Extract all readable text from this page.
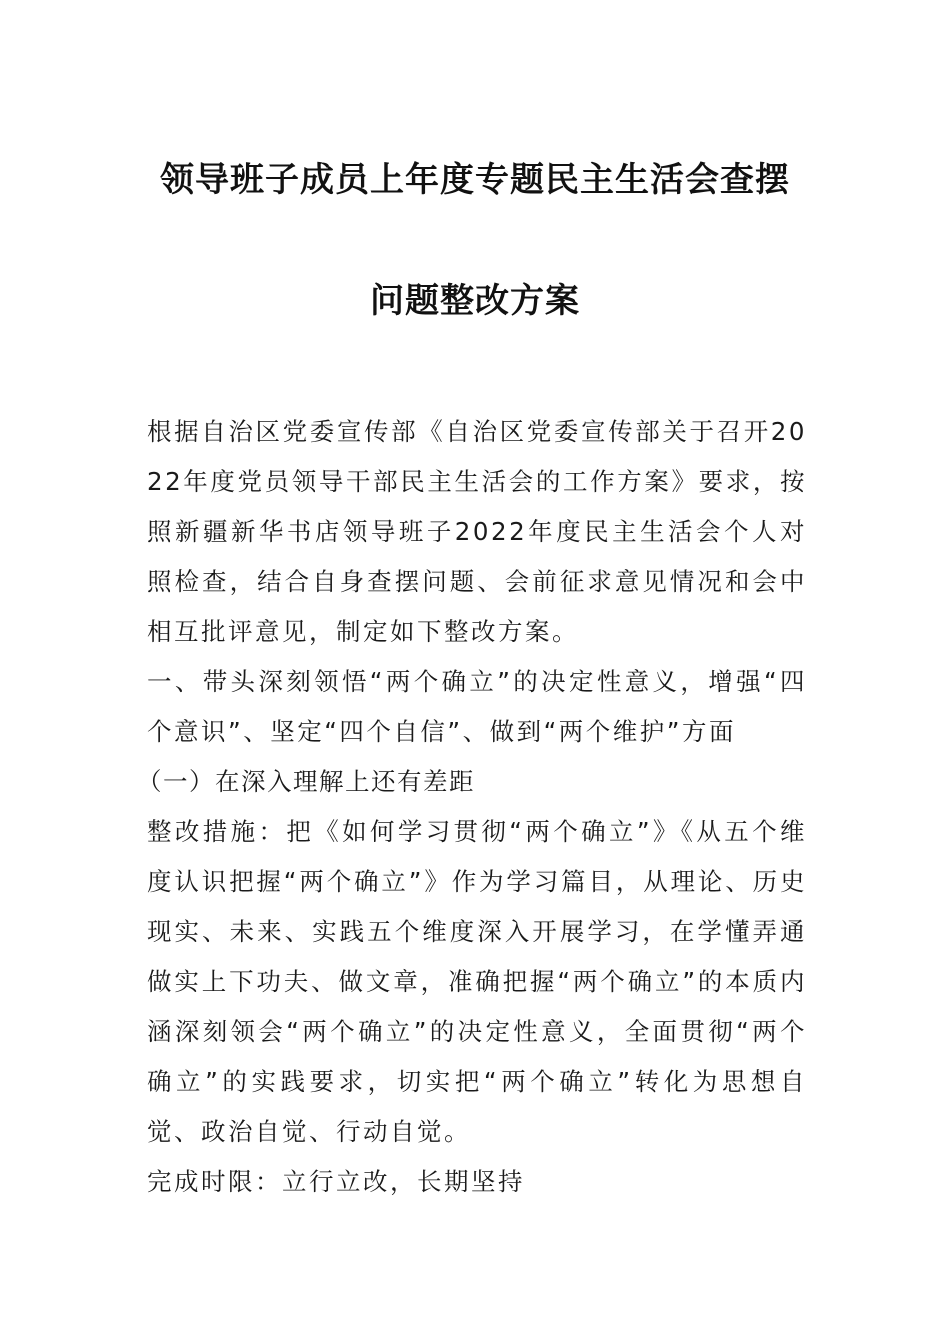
领导班子成员上年度专题民主生活会查摆
问题整改方案

根据自治区党委宣传部《自治区党委宣传部关于召开2022年度党员领导干部民主生活会的工作方案》要求，按照新疆新华书店领导班子2022年度民主生活会个人对照检查，结合自身查摆问题、会前征求意见情况和会中相互批评意见，制定如下整改方案。

一、带头深刻领悟“两个确立”的决定性意义，增强“四个意识”、坚定“四个自信”、做到“两个维护”方面

（一）在深入理解上还有差距

整改措施：把《如何学习贯彻“两个确立”》《从五个维度认识把握“两个确立”》作为学习篇目，从理论、历史现实、未来、实践五个维度深入开展学习，在学懂弄通做实上下功夫、做文章，准确把握“两个确立”的本质内涵深刻领会“两个确立”的决定性意义，全面贯彻“两个确立”的实践要求，切实把“两个确立”转化为思想自觉、政治自觉、行动自觉。

完成时限：立行立改，长期坚持
